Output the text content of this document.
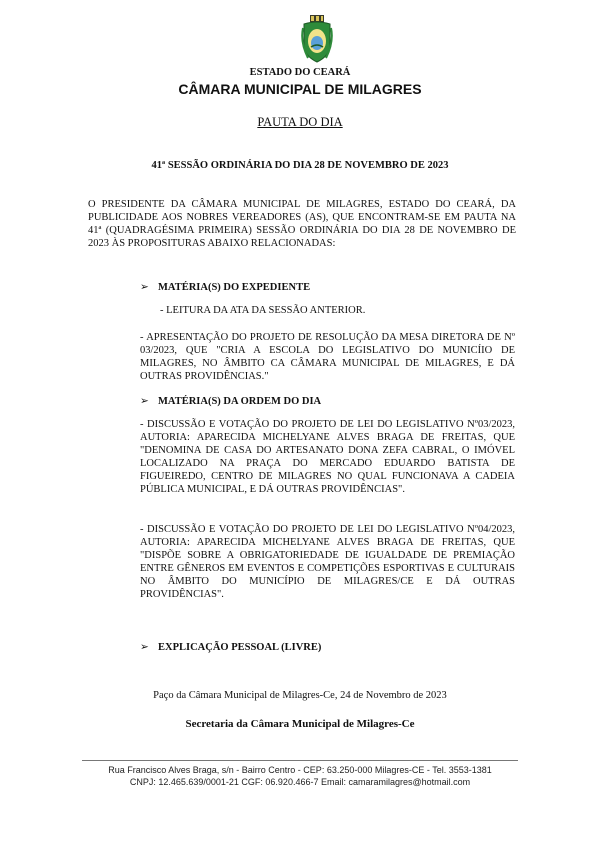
ESTADO DO CEARÁ
CÂMARA MUNICIPAL DE MILAGRES
PAUTA DO DIA
41ª SESSÃO ORDINÁRIA DO DIA 28 DE NOVEMBRO DE 2023
O PRESIDENTE DA CÂMARA MUNICIPAL DE MILAGRES, ESTADO DO CEARÁ, DA PUBLICIDADE AOS NOBRES VEREADORES (AS), QUE ENCONTRAM-SE EM PAUTA NA 41ª (QUADRAGÉSIMA PRIMEIRA) SESSÃO ORDINÁRIA DO DIA 28 DE NOVEMBRO DE 2023 ÀS PROPOSITURAS ABAIXO RELACIONADAS:
➢ MATÉRIA(S) DO EXPEDIENTE
- LEITURA DA ATA DA SESSÃO ANTERIOR.
- APRESENTAÇÃO DO PROJETO DE RESOLUÇÃO DA MESA DIRETORA DE Nº 03/2023, QUE "CRIA A ESCOLA DO LEGISLATIVO DO MUNICÍIO DE MILAGRES, NO ÂMBITO CA CÂMARA MUNICIPAL DE MILAGRES, E DÁ OUTRAS PROVIDÊNCIAS."
➢ MATÉRIA(S) DA ORDEM DO DIA
- DISCUSSÃO E VOTAÇÃO DO PROJETO DE LEI DO LEGISLATIVO Nº03/2023, AUTORIA: APARECIDA MICHELYANE ALVES BRAGA DE FREITAS, QUE "DENOMINA DE CASA DO ARTESANATO DONA ZEFA CABRAL, O IMÓVEL LOCALIZADO NA PRAÇA DO MERCADO EDUARDO BATISTA DE FIGUEIREDO, CENTRO DE MILAGRES NO QUAL FUNCIONAVA A CADEIA PÚBLICA MUNICIPAL, E DÁ OUTRAS PROVIDÊNCIAS".
- DISCUSSÃO E VOTAÇÃO DO PROJETO DE LEI DO LEGISLATIVO Nº04/2023, AUTORIA: APARECIDA MICHELYANE ALVES BRAGA DE FREITAS, QUE "DISPÕE SOBRE A OBRIGATORIEDADE DE IGUALDADE DE PREMIAÇÃO ENTRE GÊNEROS EM EVENTOS E COMPETIÇÕES ESPORTIVAS E CULTURAIS NO ÂMBITO DO MUNICÍPIO DE MILAGRES/CE E DÁ OUTRAS PROVIDÊNCIAS".
➢ EXPLICAÇÃO PESSOAL (LIVRE)
Paço da Câmara Municipal de Milagres-Ce, 24 de Novembro de 2023
Secretaria da Câmara Municipal de Milagres-Ce
Rua Francisco Alves Braga, s/n - Bairro Centro - CEP: 63.250-000 Milagres-CE - Tel. 3553-1381
CNPJ: 12.465.639/0001-21 CGF: 06.920.466-7 Email: camaramilagres@hotmail.com
